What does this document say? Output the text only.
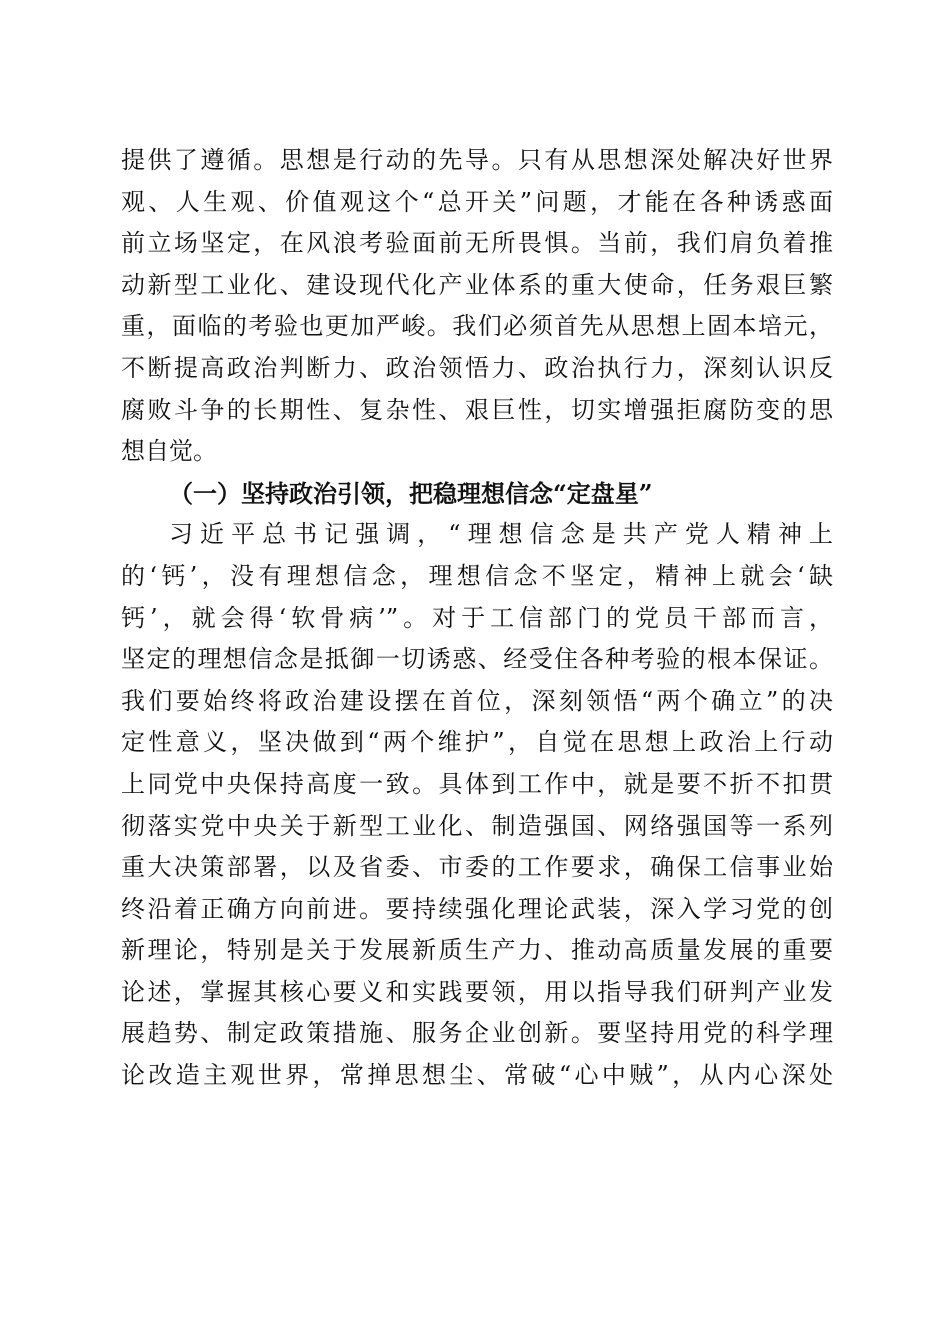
提供了遵循。思想是行动的先导。只有从思想深处解决好世界
观、人生观、价值观这个“总开关”问题，才能在各种诱惑面
前立场坚定，在风浪考验面前无所畏惧。当前，我们肩负着推
动新型工业化、建设现代化产业体系的重大使命，任务艰巨繁
重，面临的考验也更加严峻。我们必须首先从思想上固本培元，
不断提高政治判断力、政治领悟力、政治执行力，深刻认识反
腐败斗争的长期性、复杂性、艰巨性，切实增强拒腐防变的思
想自觉。
（一）坚持政治引领，把稳理想信念“定盘星”
习近平总书记强调，“理想信念是共产党人精神上
的‘钙’，没有理想信念，理想信念不坚定，精神上就会‘缺
钙’，就会得‘软骨病’”。对于工信部门的党员干部而言，
坚定的理想信念是抵御一切诱惑、经受住各种考验的根本保证。
我们要始终将政治建设摆在首位，深刻领悟“两个确立”的决
定性意义，坚决做到“两个维护”，自觉在思想上政治上行动
上同党中央保持高度一致。具体到工作中，就是要不折不扣贯
彻落实党中央关于新型工业化、制造强国、网络强国等一系列
重大决策部署，以及省委、市委的工作要求，确保工信事业始
终沿着正确方向前进。要持续强化理论武装，深入学习党的创
新理论，特别是关于发展新质生产力、推动高质量发展的重要
论述，掌握其核心要义和实践要领，用以指导我们研判产业发
展趋势、制定政策措施、服务企业创新。要坚持用党的科学理
论改造主观世界，常掸思想尘、常破“心中贼”，从内心深处
